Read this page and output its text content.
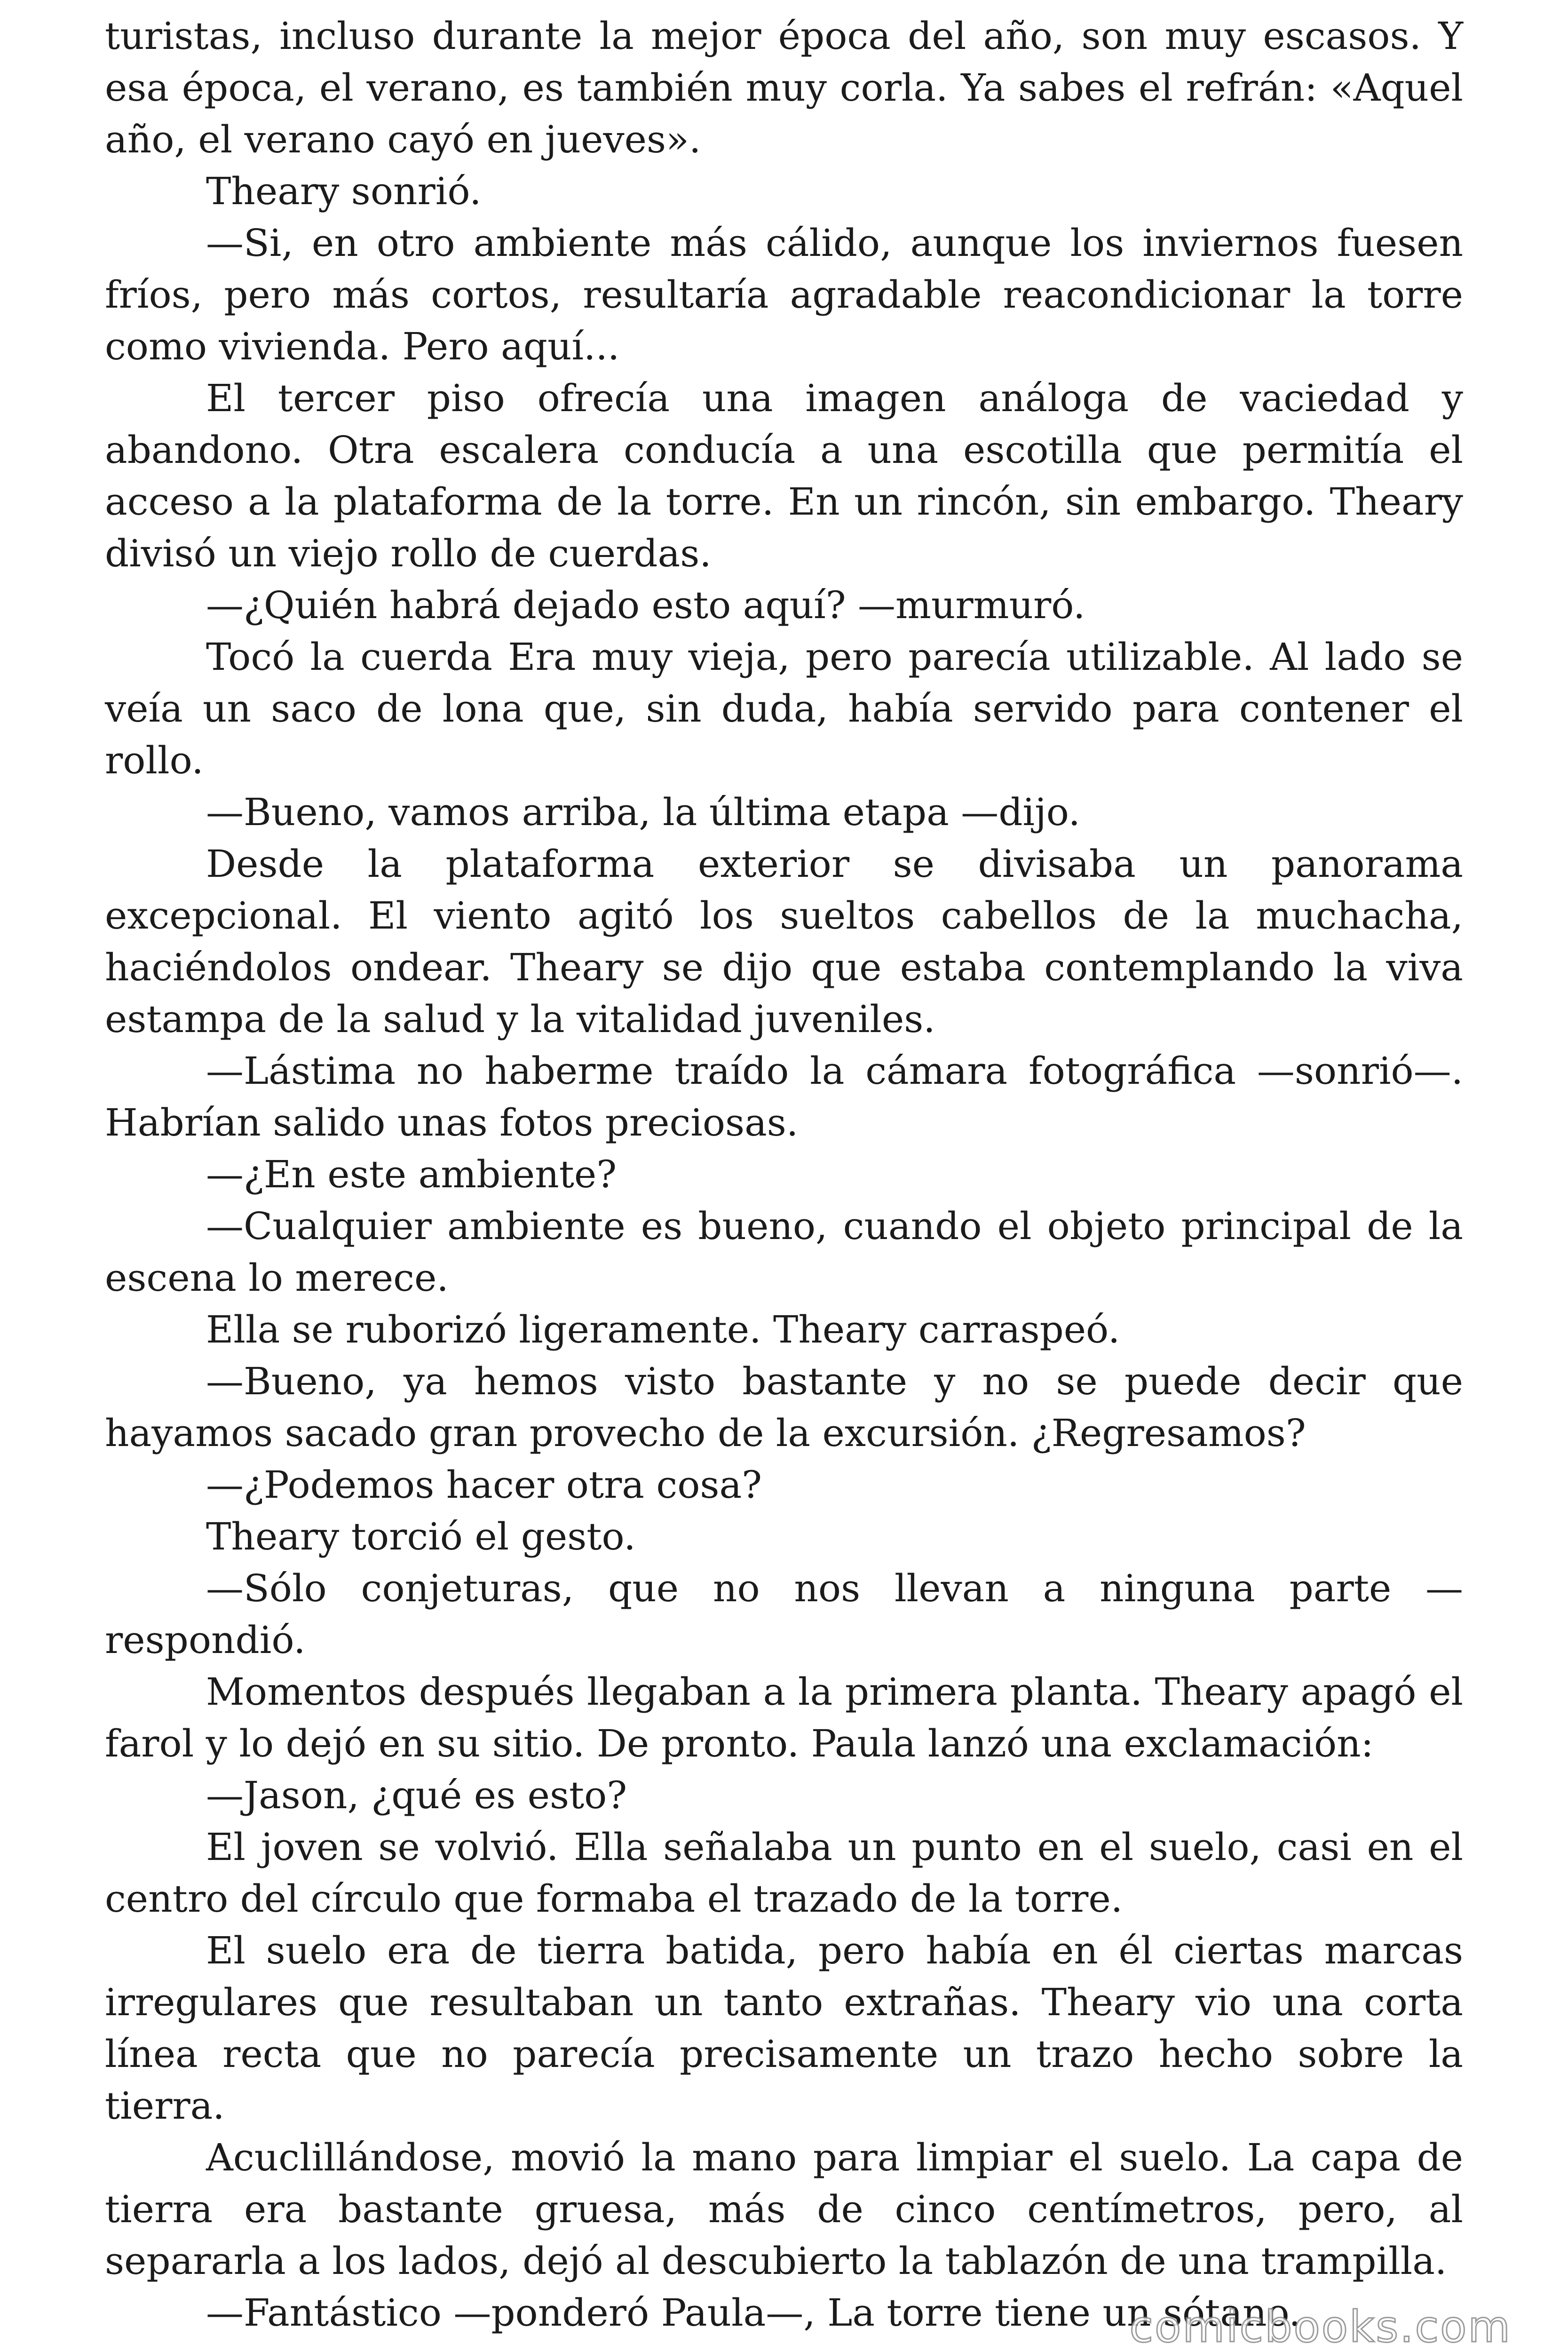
turistas, incluso durante la mejor época del año, son muy escasos. Y esa época, el verano, es también muy corla. Ya sabes el refrán: «Aquel año, el verano cayó en jueves».

Theary sonrió.

—Si, en otro ambiente más cálido, aunque los inviernos fuesen fríos, pero más cortos, resultaría agradable reacondicionar la torre como vivienda. Pero aquí...

El tercer piso ofrecía una imagen análoga de vaciedad y abandono. Otra escalera conducía a una escotilla que permitía el acceso a la plataforma de la torre. En un rincón, sin embargo. Theary divisó un viejo rollo de cuerdas.

—¿Quién habrá dejado esto aquí? —murmuró.

Tocó la cuerda Era muy vieja, pero parecía utilizable. Al lado se veía un saco de lona que, sin duda, había servido para contener el rollo.

—Bueno, vamos arriba, la última etapa —dijo.

Desde la plataforma exterior se divisaba un panorama excepcional. El viento agitó los sueltos cabellos de la muchacha, haciéndolos ondear. Theary se dijo que estaba contemplando la viva estampa de la salud y la vitalidad juveniles.

—Lástima no haberme traído la cámara fotográfica —sonrió—. Habrían salido unas fotos preciosas.

—¿En este ambiente?

—Cualquier ambiente es bueno, cuando el objeto principal de la escena lo merece.

Ella se ruborizó ligeramente. Theary carraspeó.

—Bueno, ya hemos visto bastante y no se puede decir que hayamos sacado gran provecho de la excursión. ¿Regresamos?

—¿Podemos hacer otra cosa?

Theary torció el gesto.

—Sólo conjeturas, que no nos llevan a ninguna parte — respondió.

Momentos después llegaban a la primera planta. Theary apagó el farol y lo dejó en su sitio. De pronto. Paula lanzó una exclamación:

—Jason, ¿qué es esto?

El joven se volvió. Ella señalaba un punto en el suelo, casi en el centro del círculo que formaba el trazado de la torre.

El suelo era de tierra batida, pero había en él ciertas marcas irregulares que resultaban un tanto extrañas. Theary vio una corta línea recta que no parecía precisamente un trazo hecho sobre la tierra.

Acuclillándose, movió la mano para limpiar el suelo. La capa de tierra era bastante gruesa, más de cinco centímetros, pero, al separarla a los lados, dejó al descubierto la tablazón de una trampilla.

—Fantástico —ponderó Paula—, La torre tiene un sótano.

comicbooks.com
